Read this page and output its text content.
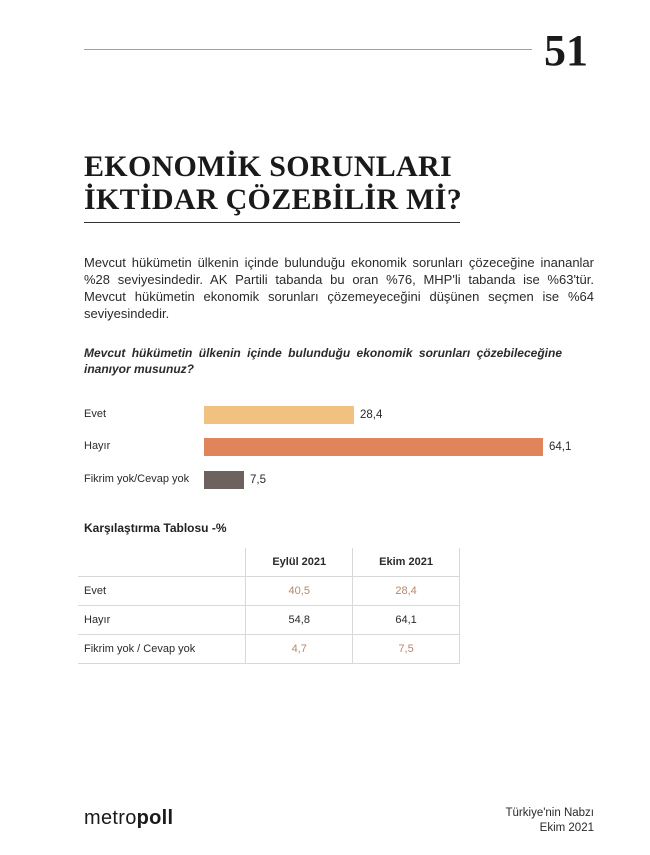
51
EKONOMİK SORUNLARI
İKTİDAR ÇÖZEBİLİR Mİ?

Mevcut hükümetin ülkenin içinde bulunduğu ekonomik sorunları çözeceğine inananlar %28 seviyesindedir. AK Partili tabanda bu oran %76, MHP'li tabanda ise %63'tür. Mevcut hükümetin ekonomik sorunları çözemeyeceğini düşünen seçmen ise %64 seviyesindedir.

Mevcut hükümetin ülkenin içinde bulunduğu ekonomik sorunları çözebileceğine inanıyor musunuz?

Evet	28,4
Hayır	64,1
Fikrim yok/Cevap yok	7,5
Karşılaştırma Tablosu -%
	Eylül 2021	Ekim 2021
Evet	40,5	28,4
Hayır	54,8	64,1
Fikrim yok / Cevap yok	4,7	7,5
metropoll	Türkiye'nin Nabzı
Ekim 2021
